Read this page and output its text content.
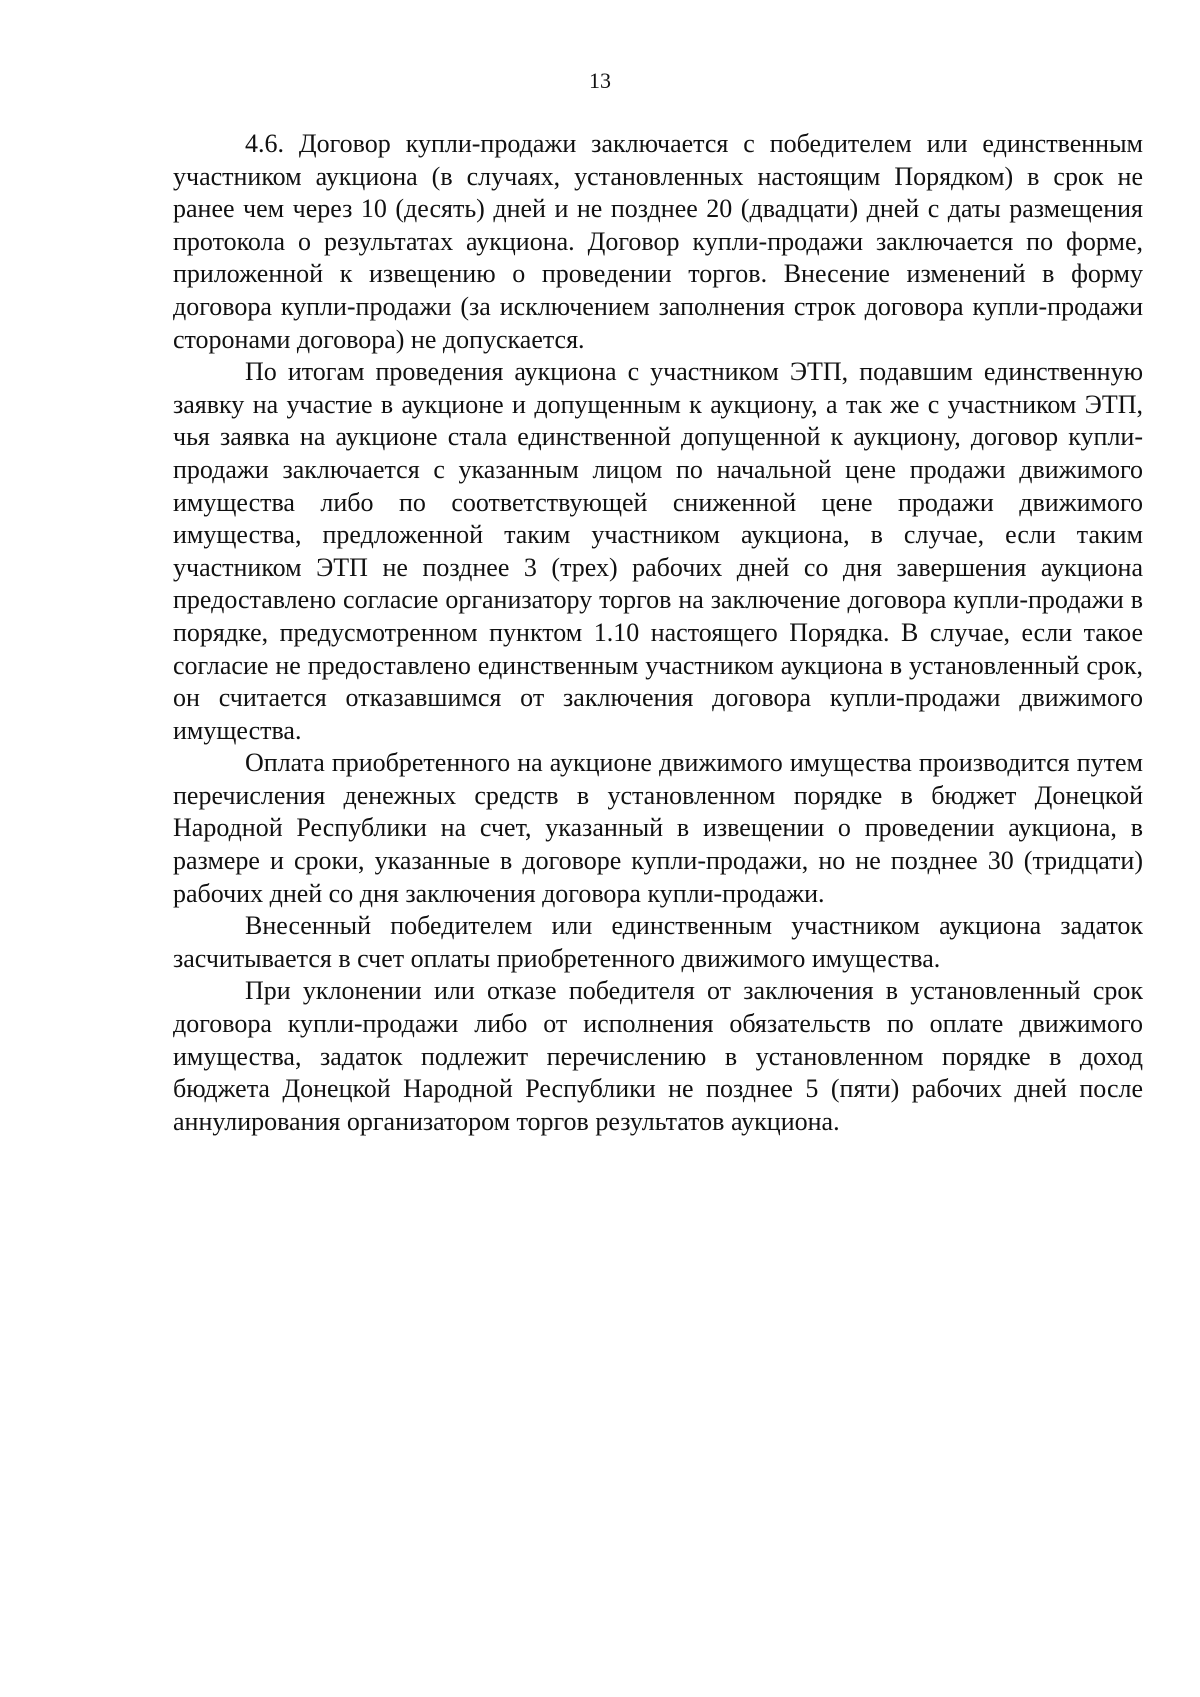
13

4.6. Договор купли-продажи заключается с победителем или единственным участником аукциона (в случаях, установленных настоящим Порядком) в срок не ранее чем через 10 (десять) дней и не позднее 20 (двадцати) дней с даты размещения протокола о результатах аукциона. Договор купли-продажи заключается по форме, приложенной к извещению о проведении торгов. Внесение изменений в форму договора купли-продажи (за исключением заполнения строк договора купли-продажи сторонами договора) не допускается.

По итогам проведения аукциона с участником ЭТП, подавшим единственную заявку на участие в аукционе и допущенным к аукциону, а так же с участником ЭТП, чья заявка на аукционе стала единственной допущенной к аукциону, договор купли-продажи заключается с указанным лицом по начальной цене продажи движимого имущества либо по соответствующей сниженной цене продажи движимого имущества, предложенной таким участником аукциона, в случае, если таким участником ЭТП не позднее 3 (трех) рабочих дней со дня завершения аукциона предоставлено согласие организатору торгов на заключение договора купли-продажи в порядке, предусмотренном пунктом 1.10 настоящего Порядка. В случае, если такое согласие не предоставлено единственным участником аукциона в установленный срок, он считается отказавшимся от заключения договора купли-продажи движимого имущества.

Оплата приобретенного на аукционе движимого имущества производится путем перечисления денежных средств в установленном порядке в бюджет Донецкой Народной Республики на счет, указанный в извещении о проведении аукциона, в размере и сроки, указанные в договоре купли-продажи, но не позднее 30 (тридцати) рабочих дней со дня заключения договора купли-продажи.

Внесенный победителем или единственным участником аукциона задаток засчитывается в счет оплаты приобретенного движимого имущества.

При уклонении или отказе победителя от заключения в установленный срок договора купли-продажи либо от исполнения обязательств по оплате движимого имущества, задаток подлежит перечислению в установленном порядке в доход бюджета Донецкой Народной Республики не позднее 5 (пяти) рабочих дней после аннулирования организатором торгов результатов аукциона.
